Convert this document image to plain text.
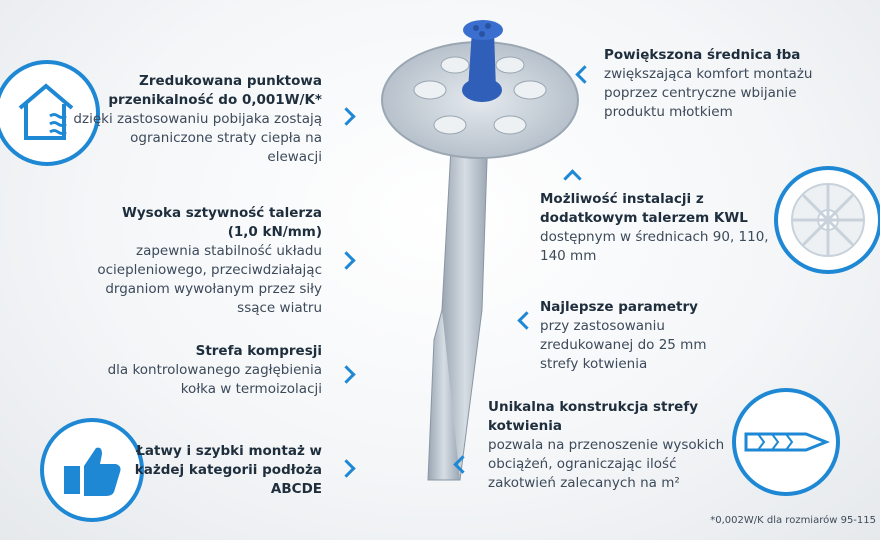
Zredukowana punktowa przenikalność do 0,001W/K*
dzięki zastosowaniu pobijaka zostają ograniczone straty ciepła na elewacji
Wysoka sztywność talerza (1,0 kN/mm)
zapewnia stabilność układu ociepleniowego, przeciwdziałając drganiom wywołanym przez siły ssące wiatru
Strefa kompresji
dla kontrolowanego zagłębienia kołka w termoizolacji
Łatwy i szybki montaż w każdej kategorii podłoża ABCDE
Powiększona średnica łba
zwiększająca komfort montażu poprzez centryczne wbijanie produktu młotkiem
Możliwość instalacji z dodatkowym talerzem KWL
dostępnym w średnicach 90, 110, 140 mm
Najlepsze parametry
przy zastosowaniu zredukowanej do 25 mm strefy kotwienia
Unikalna konstrukcja strefy kotwienia
pozwala na przenoszenie wysokich obciążeń, ograniczając ilość zakotwień zalecanych na m²
*0,002W/K dla rozmiarów 95-115
